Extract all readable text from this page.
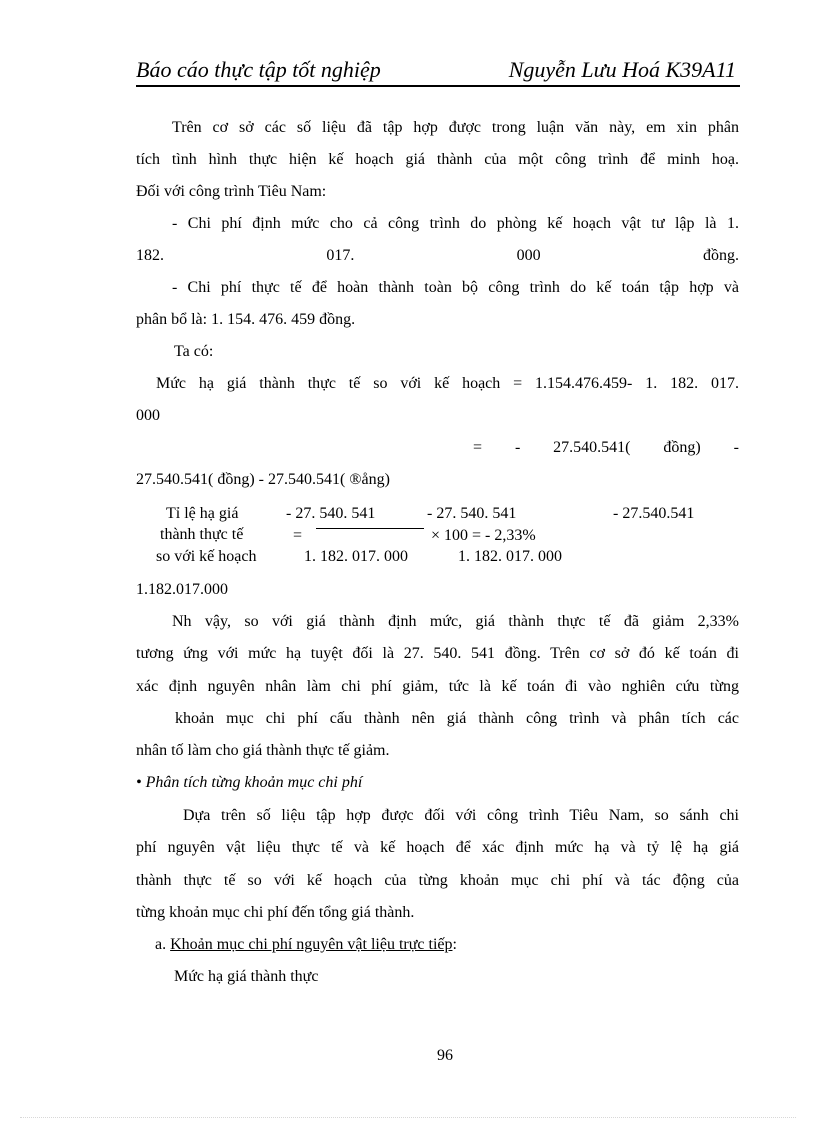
Báo cáo thực tập tốt nghiệp	Nguyễn Lưu Hoá K39A11
Trên cơ sở các số liệu đã tập hợp được trong luận văn này, em xin phân
tích tình hình thực hiện kế hoạch giá thành của một công trình để minh hoạ.
Đối với công trình Tiêu Nam:
- Chi phí định mức cho cả công trình do phòng kế hoạch vật tư lập là 1.
182. 017. 000 đồng.
- Chi phí thực tế để hoàn thành toàn bộ công trình do kế toán tập hợp và
phân bổ là: 1. 154. 476. 459 đồng.
Ta có:
Mức hạ giá thành thực tế so với kế hoạch = 1.154.476.459- 1. 182. 017.
000
= - 27.540.541( đồng) -
27.540.541( đồng) - 27.540.541( ®ång)
Tỉ lệ hạ giá
thành thực tế
so với kế hoạch
- 27. 540. 541	- 27. 540. 541	- 27.540.541
=	× 100 = - 2,33%
1. 182. 017. 000	1. 182. 017. 000
1.182.017.000
Nh vậy, so với giá thành định mức, giá thành thực tế đã giảm 2,33%
tương ứng với mức hạ tuyệt đối là 27. 540. 541 đồng. Trên cơ sở đó kế toán đi
xác định nguyên nhân làm chi phí giảm, tức là kế toán đi vào nghiên cứu từng
khoản mục chi phí cấu thành nên giá thành công trình và phân tích các
nhân tố làm cho giá thành thực tế giảm.
• Phân tích từng khoản mục chi phí
Dựa trên số liệu tập hợp được đối với công trình Tiêu Nam, so sánh chi
phí nguyên vật liệu thực tế và kế hoạch để xác định mức hạ và tỷ lệ hạ giá
thành thực tế so với kế hoạch của từng khoản mục chi phí và tác động của
từng khoản mục chi phí đến tổng giá thành.
a. Khoản mục chi phí nguyên vật liệu trực tiếp:
Mức hạ giá thành thực
96
